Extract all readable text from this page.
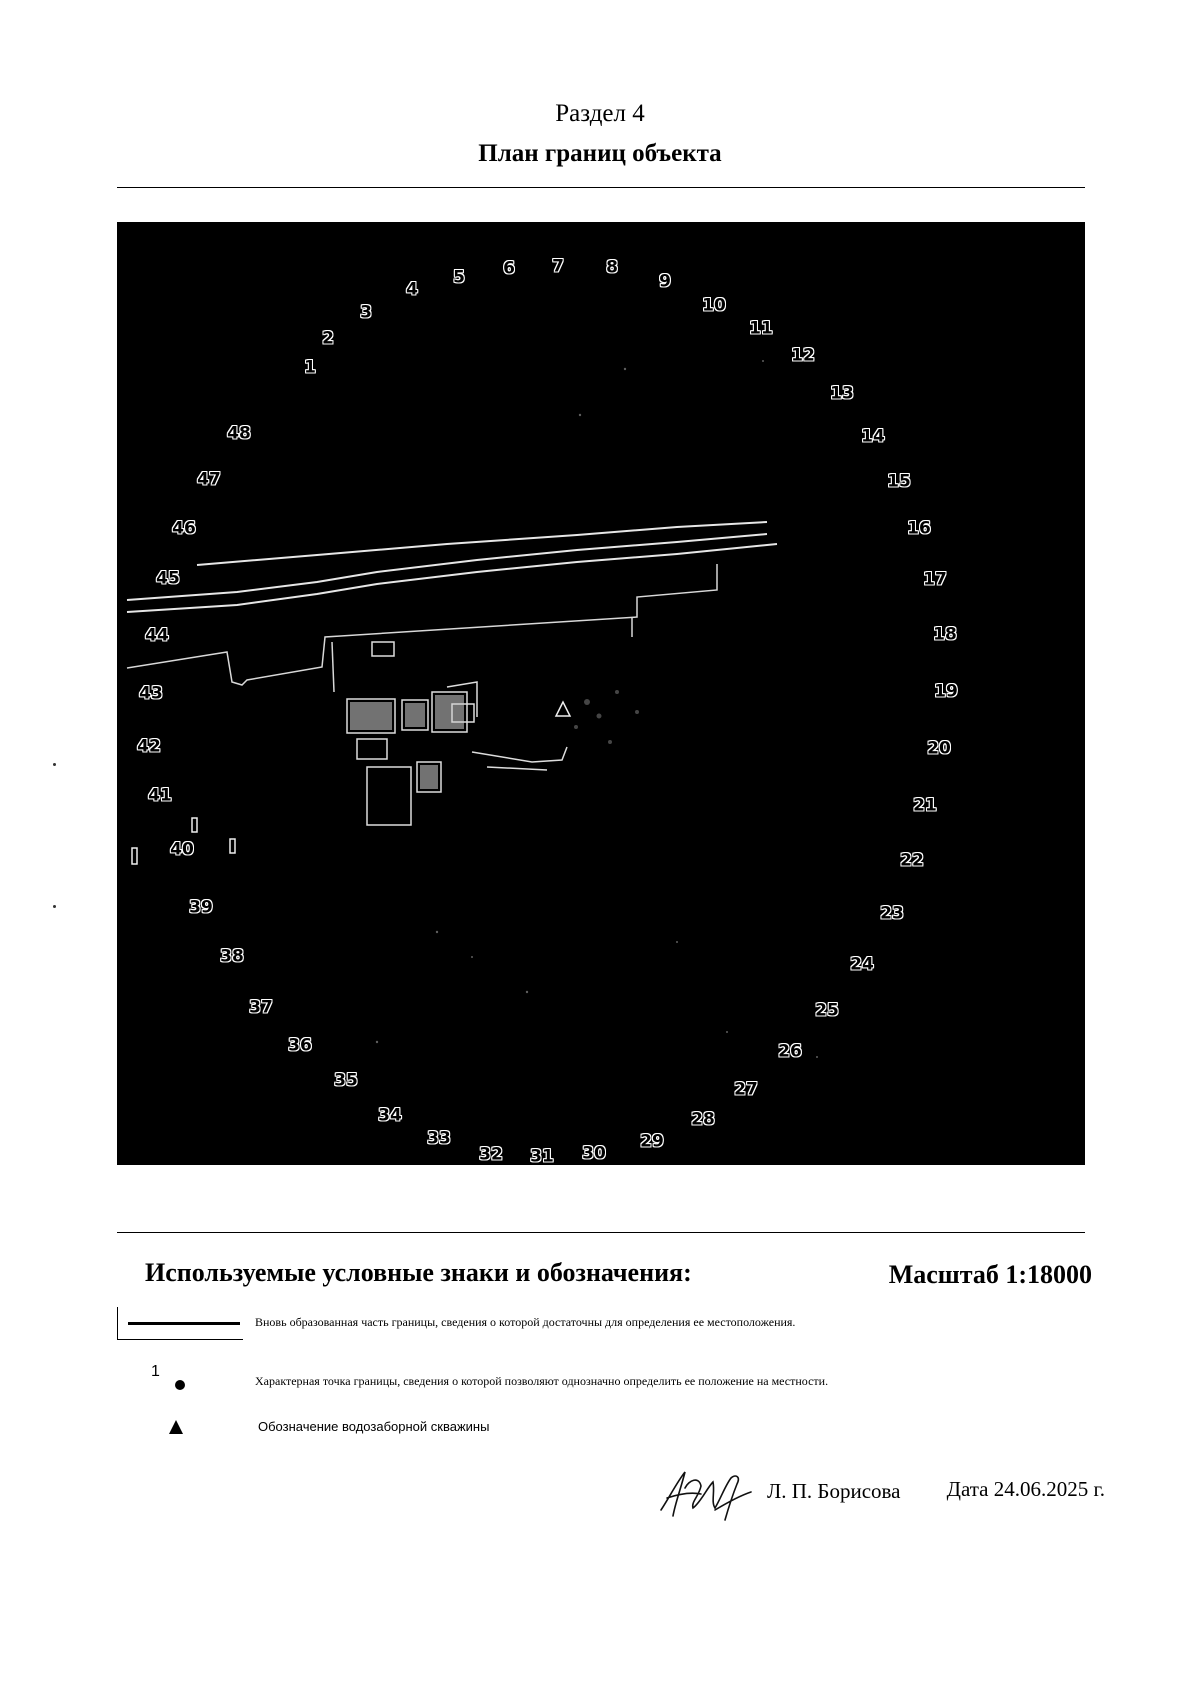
Раздел 4
План границ объекта
1
2
3
4
5 6 7 8
9
10
11
12
13
14
15
16
17
18
19
20
21
22
23
24
25
26
27
28
29
30
31
32
33
34
35
36
37
38
39
40
41
42
43
44
45
46
47
48
Используемые условные знаки и обозначения:	Масштаб 1:18000
Вновь образованная часть границы, сведения о которой достаточны для определения ее местоположения.
1
Характерная точка границы, сведения о которой позволяют однозначно определить ее положение на местности.
Обозначение водозаборной скважины
Л. П. Борисова Дата 24.06.2025 г.
